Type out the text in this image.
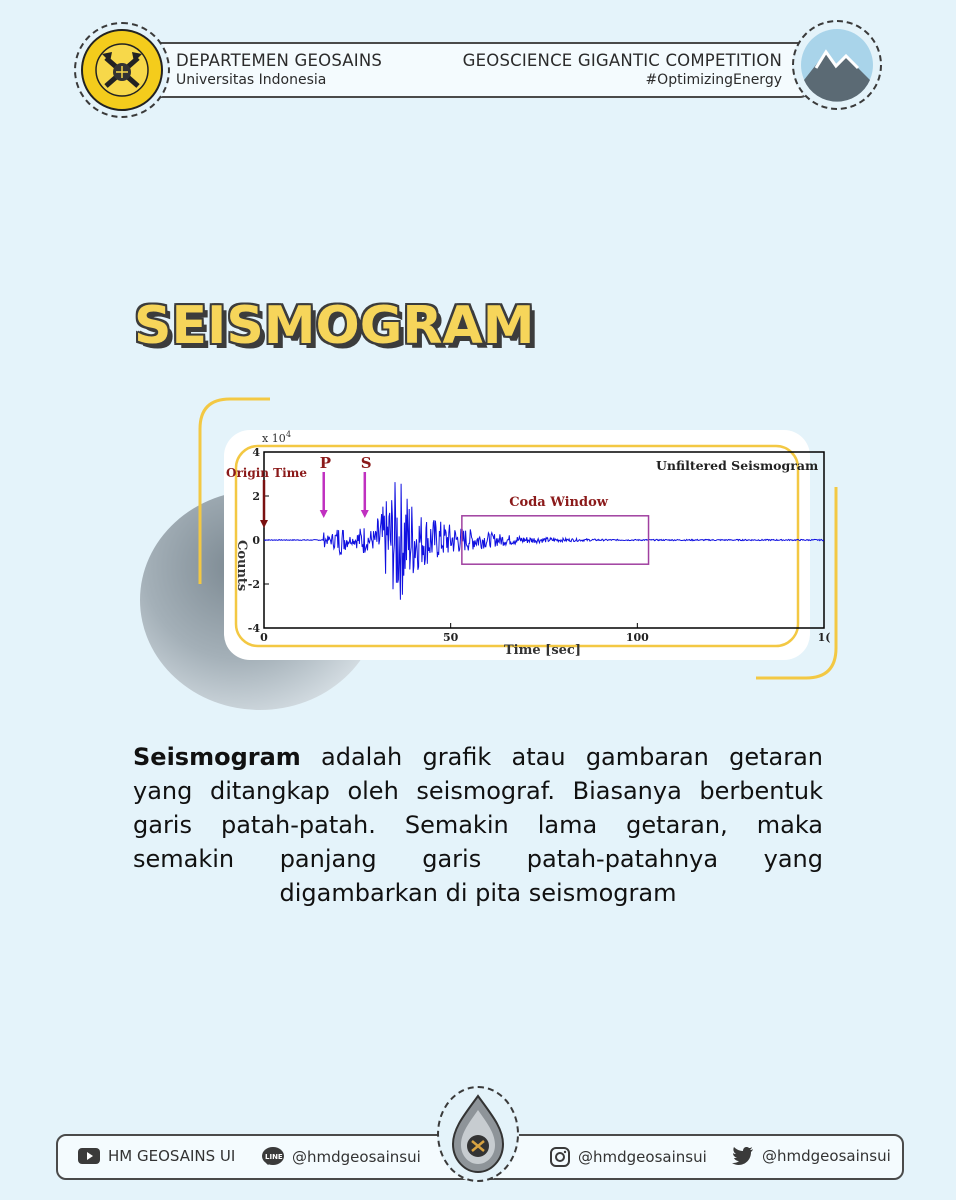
DEPARTEMEN GEOSAINS
Universitas Indonesia
GEOSCIENCE GIGANTIC COMPETITION
#OptimizingEnergy
SEISMOGRAM
4
2
0
-2
-4
0	50	100	1(
Origin Time
P S
Coda Window
Unfiltered Seismogram
x 10 4
Time [sec]
Counts
Seismogram adalah grafik atau gambaran getaran yang ditangkap oleh seismograf. Biasanya berbentuk garis patah-patah. Semakin lama getaran, maka semakin panjang garis patah-patahnya yang digambarkan di pita seismogram
HM GEOSAINS UI	LINE @hmdgeosainsui	@hmdgeosainsui	@hmdgeosainsui
